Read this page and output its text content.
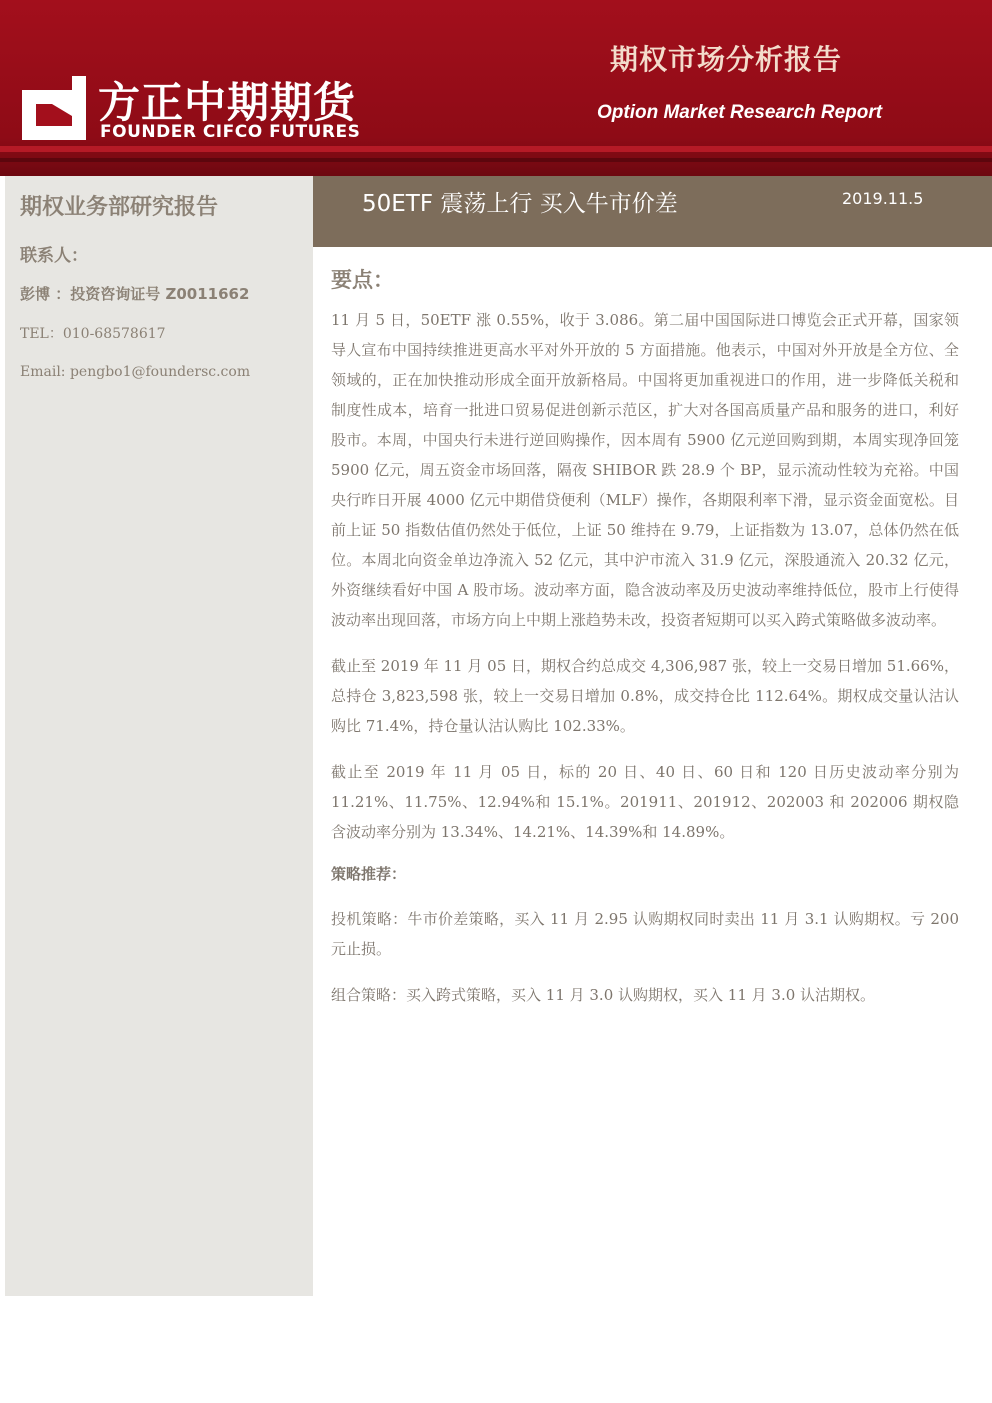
方正中期期货
FOUNDER CIFCO FUTURES
期权市场分析报告
Option Market Research Report
期权业务部研究报告
联系人：
彭博 ：投资咨询证号 Z0011662
TEL：010-68578617
Email: pengbo1@foundersc.com
50ETF 震荡上行 买入牛市价差	2019.11.5
要点：

11 月 5 日，50ETF 涨 0.55%，收于 3.086。第二届中国国际进口博览会正式开幕，国家领导人宣布中国持续推进更高水平对外开放的 5 方面措施。他表示，中国对外开放是全方位、全领域的，正在加快推动形成全面开放新格局。中国将更加重视进口的作用，进一步降低关税和制度性成本，培育一批进口贸易促进创新示范区，扩大对各国高质量产品和服务的进口，利好股市。本周，中国央行未进行逆回购操作，因本周有 5900 亿元逆回购到期，本周实现净回笼 5900 亿元，周五资金市场回落，隔夜 SHIBOR 跌 28.9 个 BP，显示流动性较为充裕。中国央行昨日开展 4000 亿元中期借贷便利（MLF）操作，各期限利率下滑，显示资金面宽松。目前上证 50 指数估值仍然处于低位，上证 50 维持在 9.79，上证指数为 13.07，总体仍然在低位。本周北向资金单边净流入 52 亿元，其中沪市流入 31.9 亿元，深股通流入 20.32 亿元，外资继续看好中国 A 股市场。波动率方面，隐含波动率及历史波动率维持低位，股市上行使得波动率出现回落，市场方向上中期上涨趋势未改，投资者短期可以买入跨式策略做多波动率。

截止至 2019 年 11 月 05 日，期权合约总成交 4,306,987 张，较上一交易日增加 51.66%，总持仓 3,823,598 张，较上一交易日增加 0.8%，成交持仓比 112.64%。期权成交量认沽认购比 71.4%，持仓量认沽认购比 102.33%。

截止至 2019 年 11 月 05 日，标的 20 日、40 日、60 日和 120 日历史波动率分别为 11.21%、11.75%、12.94%和 15.1%。201911、201912、202003 和 202006 期权隐含波动率分别为 13.34%、14.21%、14.39%和 14.89%。

策略推荐：

投机策略：牛市价差策略，买入 11 月 2.95 认购期权同时卖出 11 月 3.1 认购期权。亏 200 元止损。

组合策略：买入跨式策略，买入 11 月 3.0 认购期权，买入 11 月 3.0 认沽期权。
